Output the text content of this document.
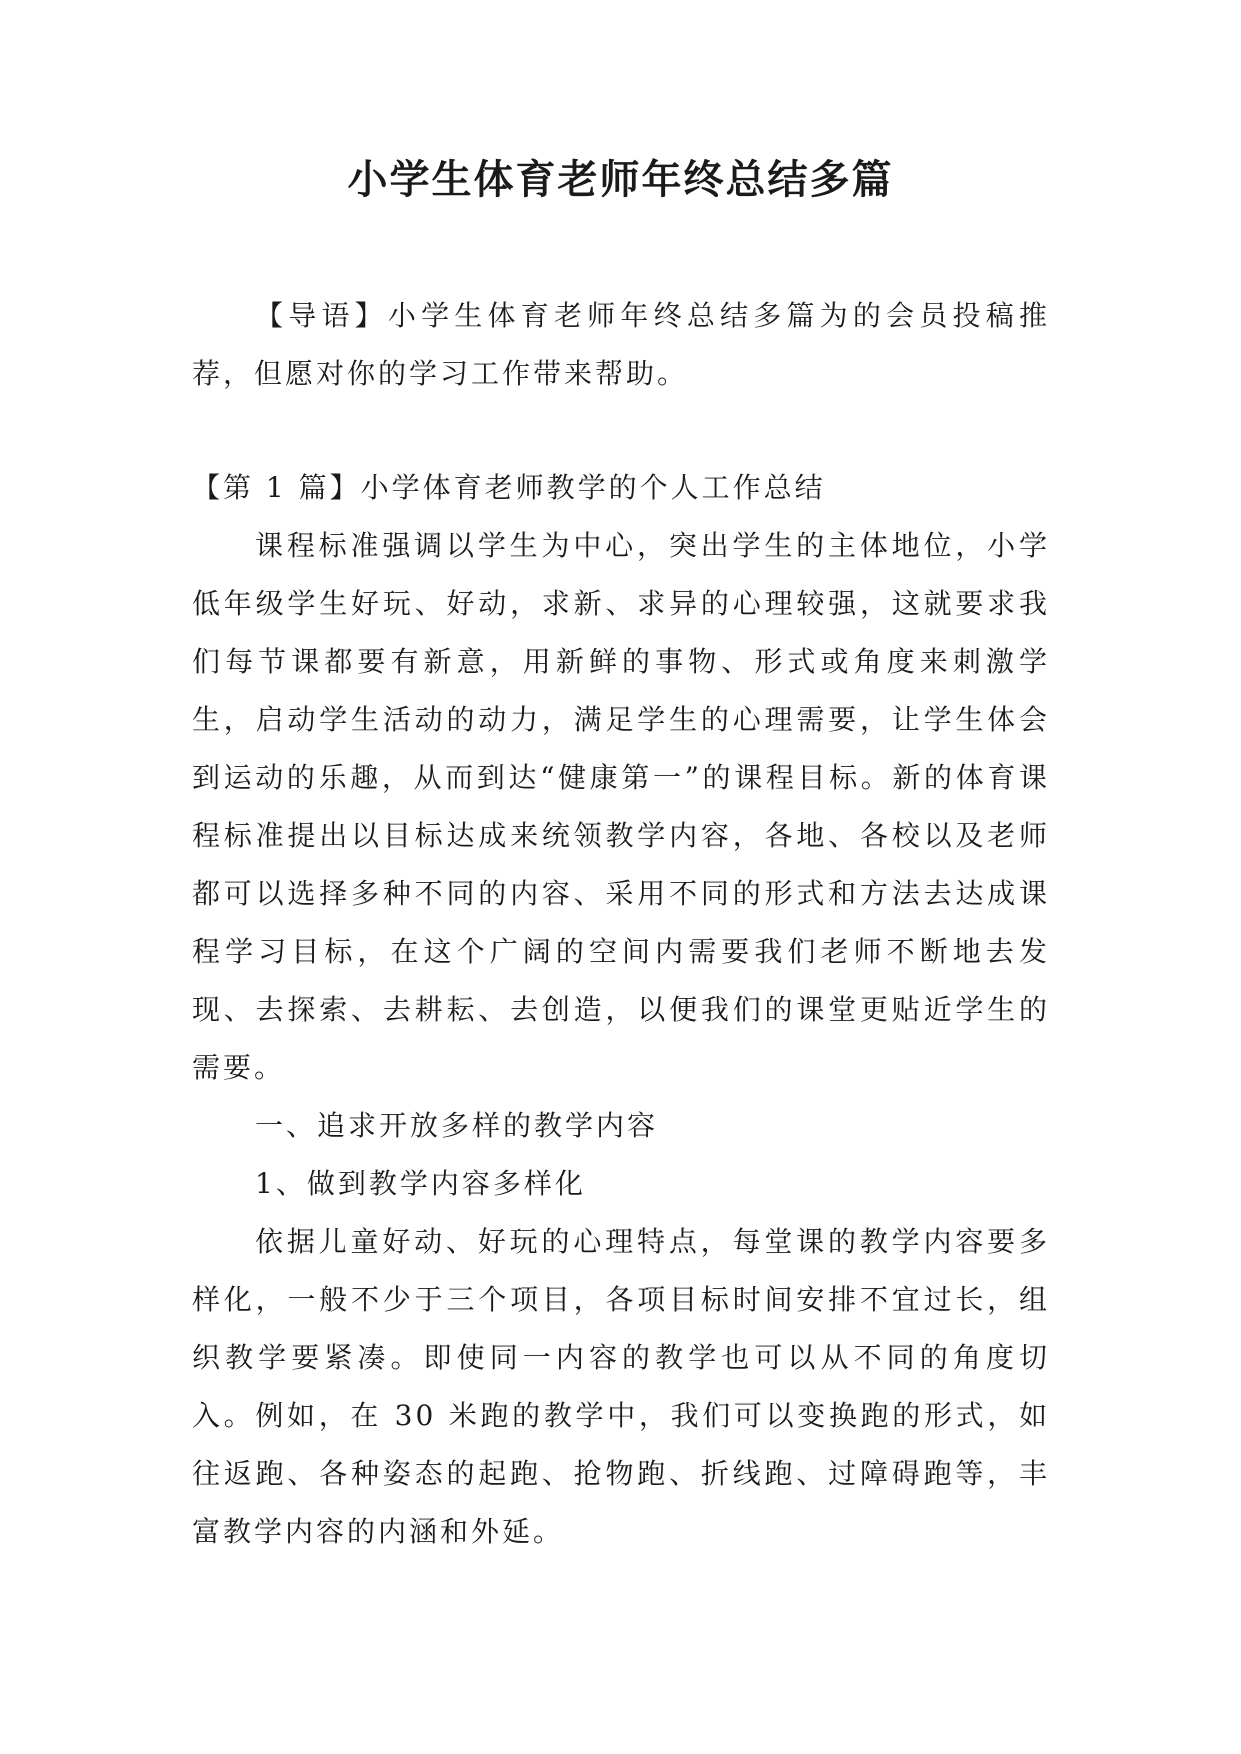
小学生体育老师年终总结多篇

【导语】小学生体育老师年终总结多篇为的会员投稿推荐，但愿对你的学习工作带来帮助。

【第 1 篇】小学体育老师教学的个人工作总结

课程标准强调以学生为中心，突出学生的主体地位，小学低年级学生好玩、好动，求新、求异的心理较强，这就要求我们每节课都要有新意，用新鲜的事物、形式或角度来刺激学生，启动学生活动的动力，满足学生的心理需要，让学生体会到运动的乐趣，从而到达“健康第一”的课程目标。新的体育课程标准提出以目标达成来统领教学内容，各地、各校以及老师都可以选择多种不同的内容、采用不同的形式和方法去达成课程学习目标，在这个广阔的空间内需要我们老师不断地去发现、去探索、去耕耘、去创造，以便我们的课堂更贴近学生的需要。

一、追求开放多样的教学内容

1、做到教学内容多样化

依据儿童好动、好玩的心理特点，每堂课的教学内容要多样化，一般不少于三个项目，各项目标时间安排不宜过长，组织教学要紧凑。即使同一内容的教学也可以从不同的角度切入。例如，在 30 米跑的教学中，我们可以变换跑的形式，如往返跑、各种姿态的起跑、抢物跑、折线跑、过障碍跑等，丰富教学内容的内涵和外延。
